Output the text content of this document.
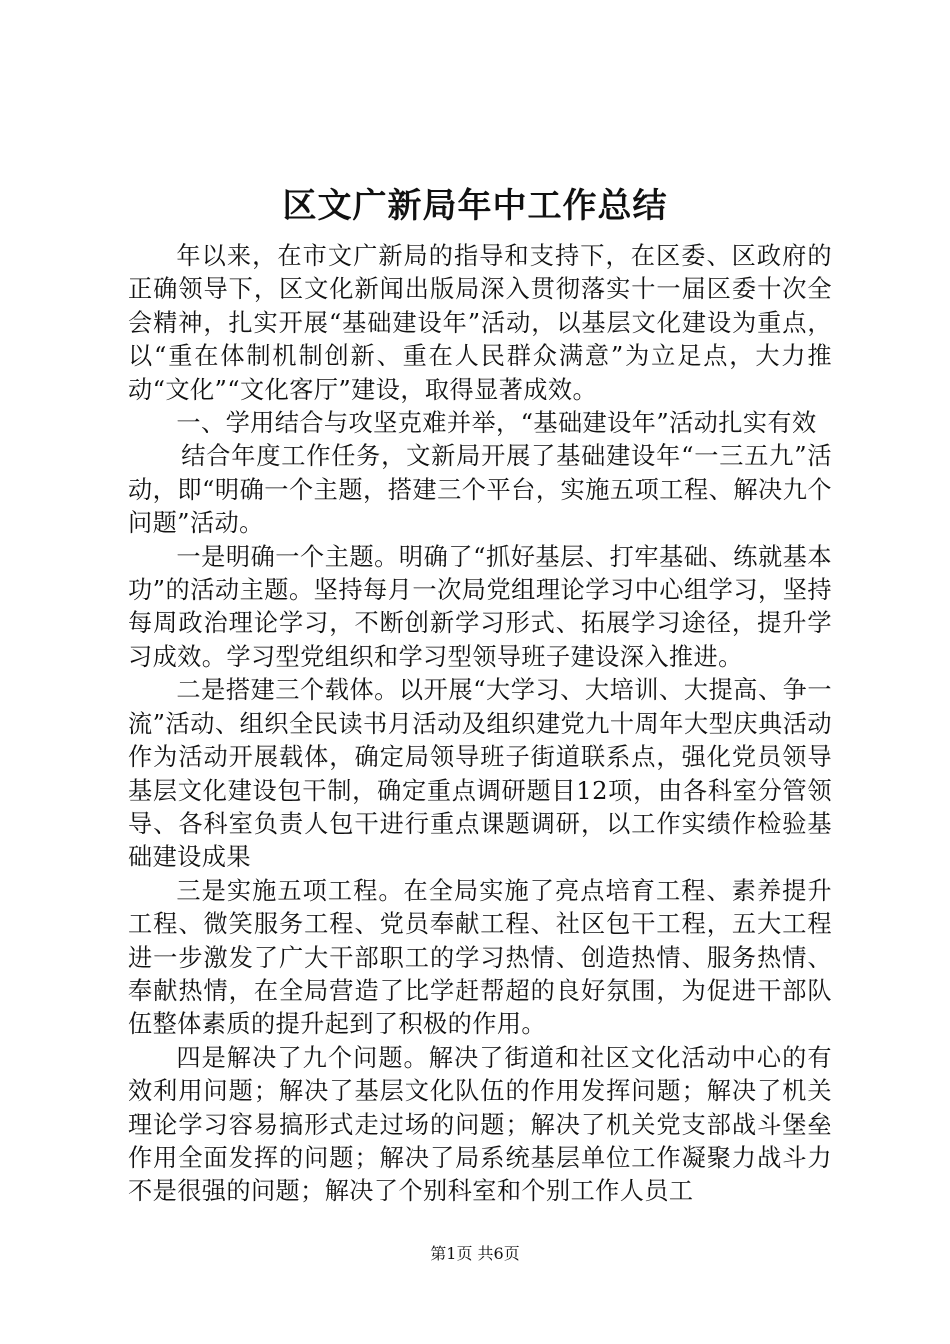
区文广新局年中工作总结

年以来，在市文广新局的指导和支持下，在区委、区政府的正确领导下，区文化新闻出版局深入贯彻落实十一届区委十次全会精神，扎实开展“基础建设年”活动，以基层文化建设为重点，以“重在体制机制创新、重在人民群众满意”为立足点，大力推动“文化”“文化客厅”建设，取得显著成效。

一、学用结合与攻坚克难并举，“基础建设年”活动扎实有效

结合年度工作任务，文新局开展了基础建设年“一三五九”活动，即“明确一个主题，搭建三个平台，实施五项工程、解决九个问题”活动。

一是明确一个主题。明确了“抓好基层、打牢基础、练就基本功”的活动主题。坚持每月一次局党组理论学习中心组学习，坚持每周政治理论学习，不断创新学习形式、拓展学习途径，提升学习成效。学习型党组织和学习型领导班子建设深入推进。

二是搭建三个载体。以开展“大学习、大培训、大提高、争一流”活动、组织全民读书月活动及组织建党九十周年大型庆典活动作为活动开展载体，确定局领导班子街道联系点，强化党员领导基层文化建设包干制，确定重点调研题目12项，由各科室分管领导、各科室负责人包干进行重点课题调研，以工作实绩作检验基础建设成果

三是实施五项工程。在全局实施了亮点培育工程、素养提升工程、微笑服务工程、党员奉献工程、社区包干工程，五大工程进一步激发了广大干部职工的学习热情、创造热情、服务热情、奉献热情，在全局营造了比学赶帮超的良好氛围，为促进干部队伍整体素质的提升起到了积极的作用。

四是解决了九个问题。解决了街道和社区文化活动中心的有效利用问题；解决了基层文化队伍的作用发挥问题；解决了机关理论学习容易搞形式走过场的问题；解决了机关党支部战斗堡垒作用全面发挥的问题；解决了局系统基层单位工作凝聚力战斗力不是很强的问题；解决了个别科室和个别工作人员工

第1页 共6页
